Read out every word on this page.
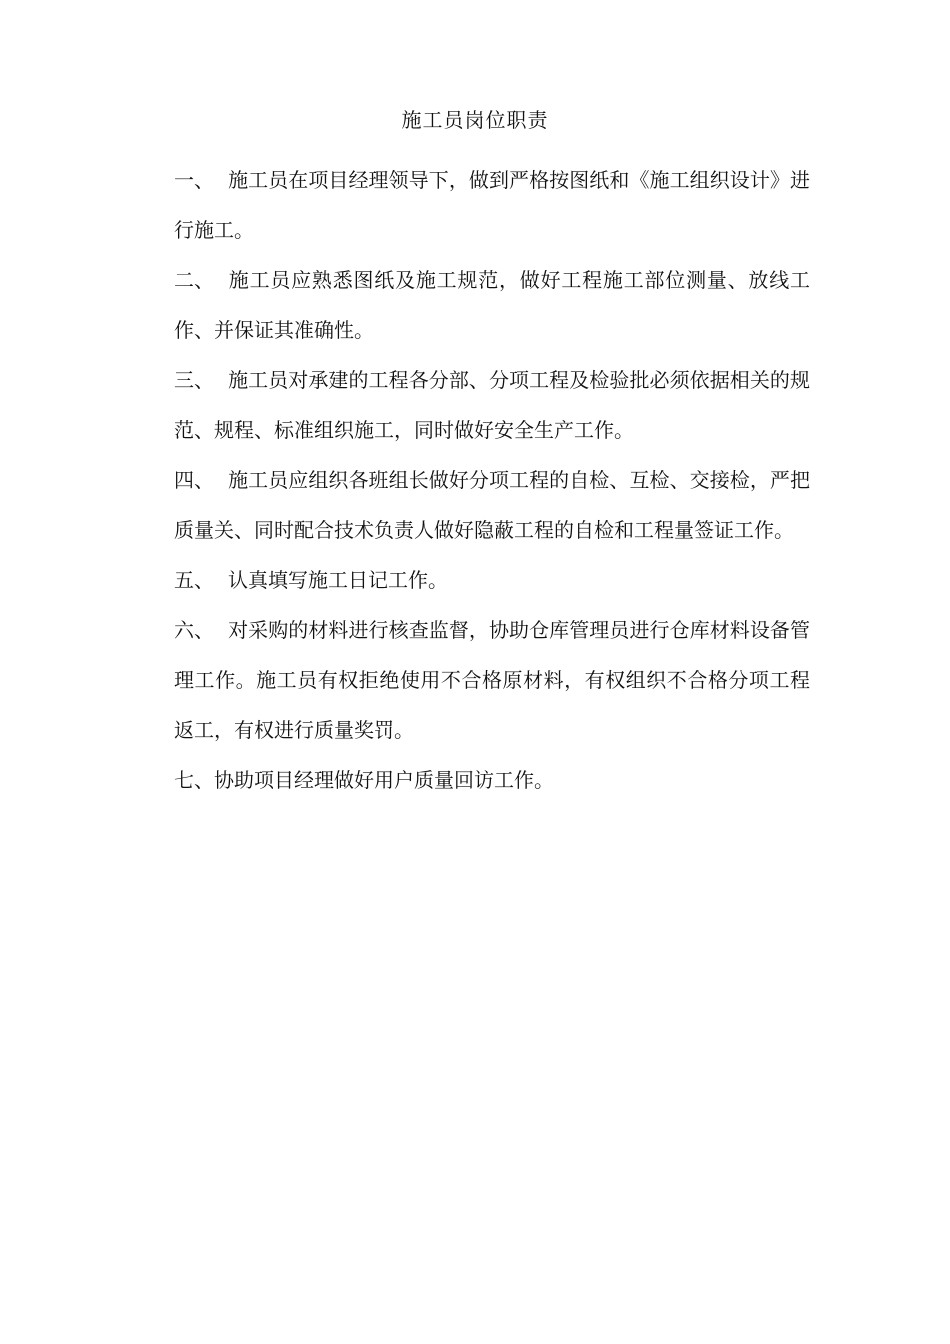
施工员岗位职责

一、 施工员在项目经理领导下，做到严格按图纸和《施工组织设计》进行施工。

二、 施工员应熟悉图纸及施工规范，做好工程施工部位测量、放线工作、并保证其准确性。

三、 施工员对承建的工程各分部、分项工程及检验批必须依据相关的规范、规程、标准组织施工，同时做好安全生产工作。

四、 施工员应组织各班组长做好分项工程的自检、互检、交接检，严把质量关、同时配合技术负责人做好隐蔽工程的自检和工程量签证工作。

五、 认真填写施工日记工作。

六、 对采购的材料进行核查监督，协助仓库管理员进行仓库材料设备管理工作。施工员有权拒绝使用不合格原材料，有权组织不合格分项工程返工，有权进行质量奖罚。

七、协助项目经理做好用户质量回访工作。
